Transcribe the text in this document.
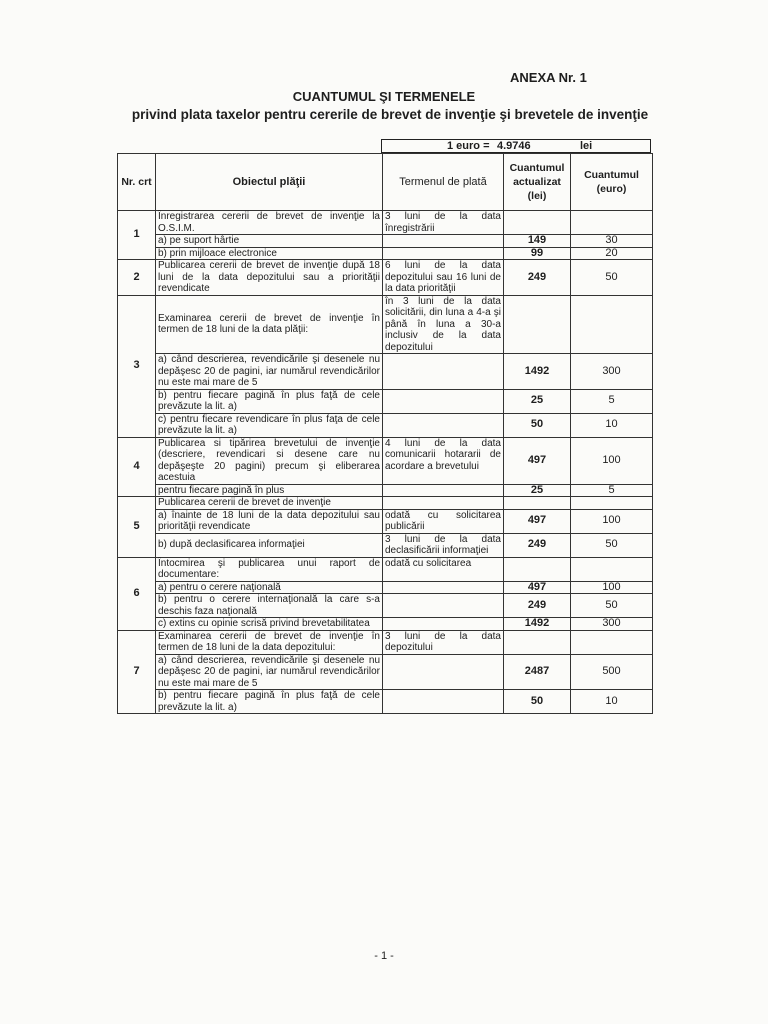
ANEXA Nr. 1
CUANTUMUL ŞI TERMENELE
privind plata taxelor pentru cererile de brevet de invenţie şi brevetele de invenţie
1 euro = 4.9746	lei
Nr. crt	Obiectul plăţii	Termenul de plată	Cuantumul actualizat (lei)	Cuantumul (euro)
1	Înregistrarea cererii de brevet de invenţie la O.S.I.M.	3 luni de la data înregistrării		
	a) pe suport hârtie		149	30
	b) prin mijloace electronice		99	20
2	Publicarea cererii de brevet de invenţie după 18 luni de la data depozitului sau a priorităţii revendicate	6 luni de la data depozitului sau 16 luni de la data priorităţii	249	50
3	Examinarea cererii de brevet de invenţie în termen de 18 luni de la data plăţii:	în 3 luni de la data solicitării, din luna a 4-a şi până în luna a 30-a inclusiv de la data depozitului		
	a) când descrierea, revendicările şi desenele nu depăşesc 20 de pagini, iar numărul revendicărilor nu este mai mare de 5		1492	300
	b) pentru fiecare pagină în plus faţă de cele prevăzute la lit. a)		25	5
	c) pentru fiecare revendicare în plus faţa de cele prevăzute la lit. a)		50	10
4	Publicarea si tipărirea brevetului de invenţie (descriere, revendicari si desene care nu depăşeşte 20 pagini) precum şi eliberarea acestuia	4 luni de la data comunicarii hotararii de acordare a brevetului	497	100
	pentru fiecare pagină în plus		25	5
5	Publicarea cererii de brevet de invenţie			
	a) înainte de 18 luni de la data depozitului sau priorităţii revendicate	odată cu solicitarea publicării	497	100
	b) după declasificarea informaţiei	3 luni de la data declasificării informaţiei	249	50
6	Întocmirea şi publicarea unui raport de documentare:	odată cu solicitarea		
	a) pentru o cerere naţională		497	100
	b) pentru o cerere internaţională la care s-a deschis faza naţională		249	50
	c) extins cu opinie scrisă privind brevetabilitatea		1492	300
7	Examinarea cererii de brevet de invenţie în termen de 18 luni de la data depozitului:	3 luni de la data depozitului		
	a) când descrierea, revendicările şi desenele nu depăşesc 20 de pagini, iar numărul revendicărilor nu este mai mare de 5		2487	500
	b) pentru fiecare pagină în plus faţă de cele prevăzute la lit. a)		50	10
- 1 -
